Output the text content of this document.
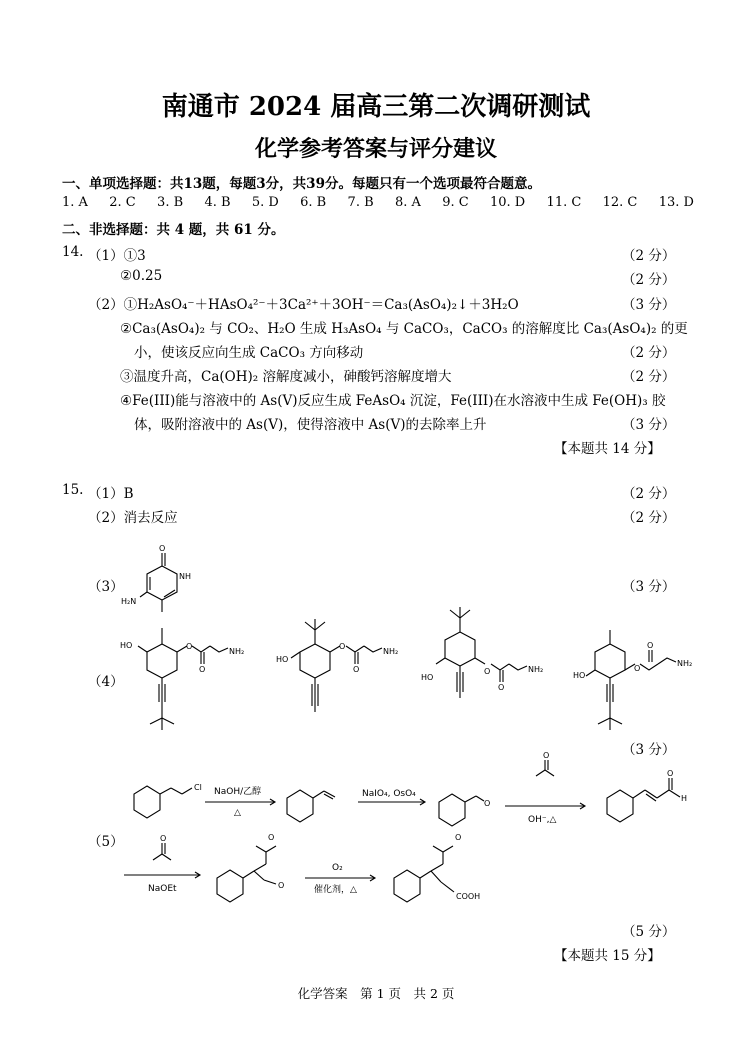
南通市 2024 届高三第二次调研测试
化学参考答案与评分建议
一、单项选择题：共13题，每题3分，共39分。每题只有一个选项最符合题意。
1. A 2. C 3. B 4. B 5. D 6. B 7. B 8. A 9. C 10. D 11. C 12. C 13. D
二、非选择题：共 4 题，共 61 分。
14. （1）①3	（2 分）
②0.25	（2 分）
（2）①H₂AsO₄⁻＋HAsO₄²⁻＋3Ca²⁺＋3OH⁻＝Ca₃(AsO₄)₂↓＋3H₂O	（3 分）
②Ca₃(AsO₄)₂ 与 CO₂、H₂O 生成 H₃AsO₄ 与 CaCO₃，CaCO₃ 的溶解度比 Ca₃(AsO₄)₂ 的更
小，使该反应向生成 CaCO₃ 方向移动	（2 分）
③温度升高，Ca(OH)₂ 溶解度减小，砷酸钙溶解度增大	（2 分）
④Fe(III)能与溶液中的 As(V)反应生成 FeAsO₄ 沉淀，Fe(III)在水溶液中生成 Fe(OH)₃ 胶
体，吸附溶液中的 As(V)，使得溶液中 As(V)的去除率上升	（3 分）
【本题共 14 分】
15. （1）B	（2 分）
（2）消去反应	（2 分）
（3）	（3 分）
O
NH
H₂N
（4）
HO	O
O
NH₂
HO
O
O
NH₂
HO
O
O
NH₂
HO
O
O
NH₂
（3 分）
（5）
Cl NaOH/乙醇
△
NaIO₄, OsO₄
O
O
OH⁻,△
O
H
O
NaOEt
O
O
O₂
催化剂，△
O
COOH
（5 分）
【本题共 15 分】
化学答案　第 1 页　共 2 页
